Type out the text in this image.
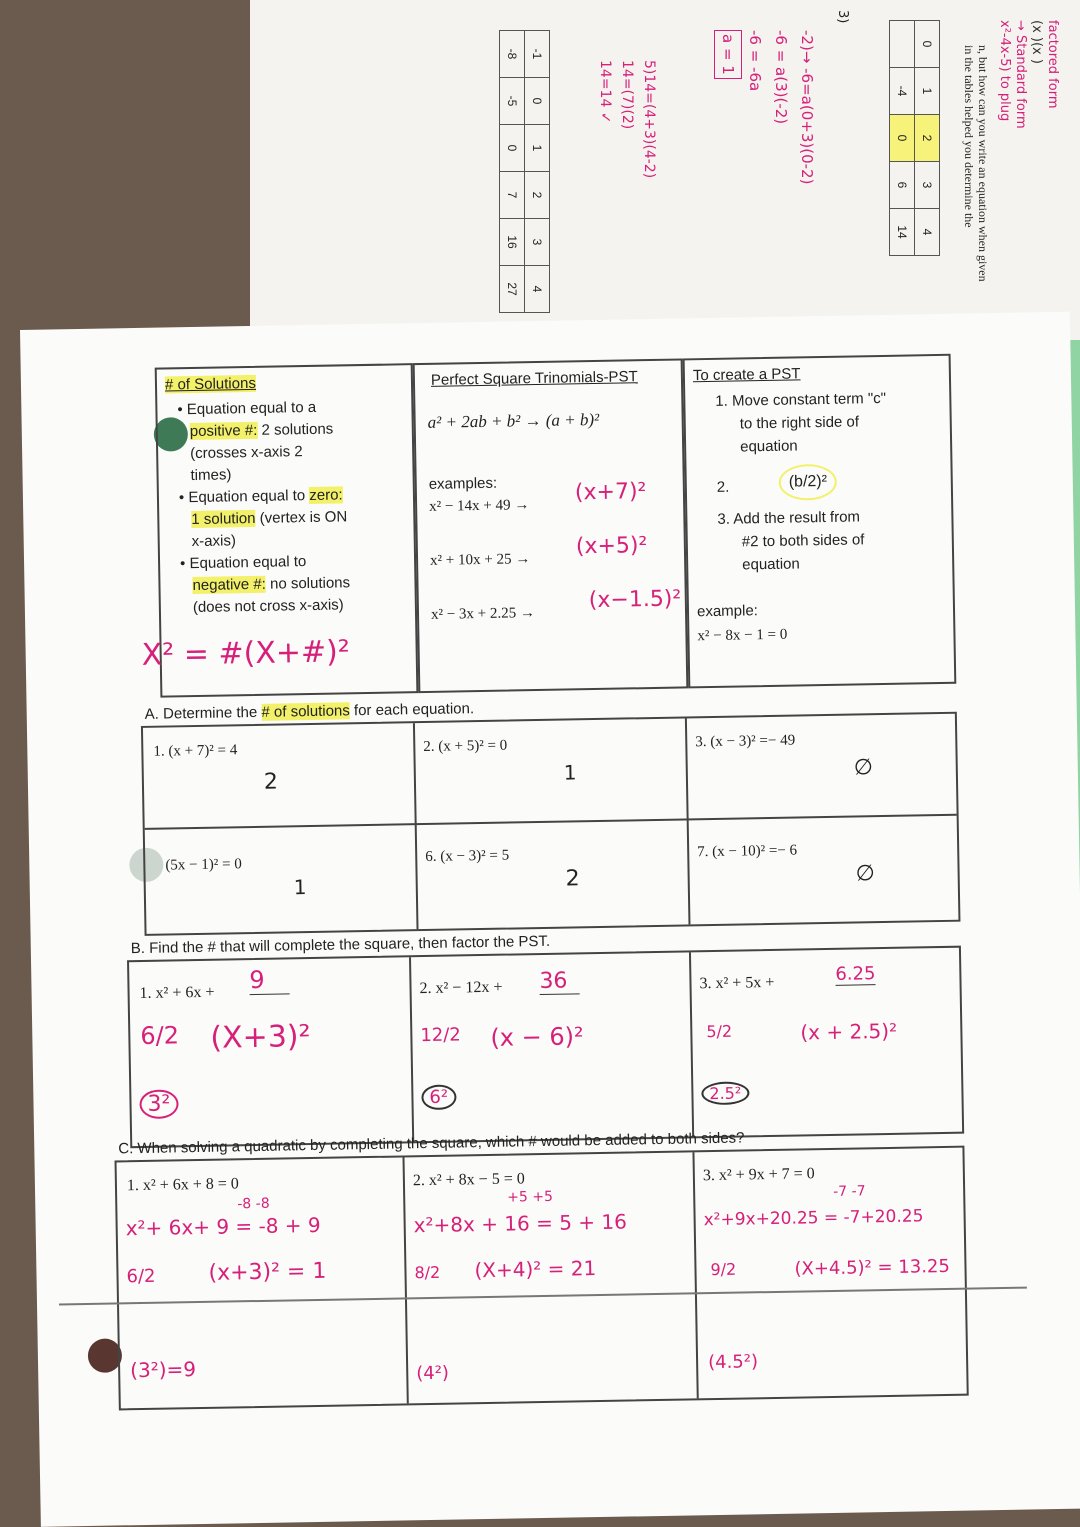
factored form
(x )(x )
→ Standard form
x²-4x-5) to plug
n, but how can you write an equation when given
in the tables helped you determine the
0	1	2	3	4
	-4	0	6	14
3)
-2)→ -6=a(0+3)(0-2)
-6 = a(3)(-2)
-6 = -6a
a = 1
5)14=(4+3)(4-2)
14=(7)(2)
14=14 ✓
-1	0	1	2	3	4
-8	-5	0	7	16	27
# of Solutions
• Equation equal to a
positive #: 2 solutions
(crosses x-axis 2
times)
• Equation equal to zero:
1 solution (vertex is ON
x-axis)
• Equation equal to
negative #: no solutions
(does not cross x-axis)
X² = #(X+#)²
Perfect Square Trinomials-PST
a² + 2ab + b² → (a + b)²
examples:
x² − 14x + 49 →
(x+7)²
x² + 10x + 25 →
(x+5)²
x² − 3x + 2.25 →
(x−1.5)²
To create a PST
1. Move constant term "c"
to the right side of
equation
2.	(b/2)²
3. Add the result from
#2 to both sides of
equation
example:
x² − 8x − 1 = 0
A. Determine the # of solutions for each equation.
1. (x + 7)² = 4
2
2. (x + 5)² = 0
1
3. (x − 3)² =− 49
∅
(5x − 1)² = 0
1
6. (x − 3)² = 5
2
7. (x − 10)² =− 6
∅
B. Find the # that will complete the square, then factor the PST.
1. x² + 6x + 9
(X+3)²
6/2
3²
2. x² − 12x + 36
(x − 6)²
12/2
6²
3. x² + 5x +	6.25
(x + 2.5)²
5/2
2.5²
C. When solving a quadratic by completing the square, which # would be added to both sides?
1. x² + 6x + 8 = 0
-8 -8
x²+ 6x+ 9 = -8 + 9
(x+3)² = 1
6/2
(3²)=9
2. x² + 8x − 5 = 0
+5 +5
x²+8x + 16 = 5 + 16
(X+4)² = 21
8/2
(4²)
3. x² + 9x + 7 = 0
-7 -7
x²+9x+20.25 = -7+20.25
(X+4.5)² = 13.25
9/2
(4.5²)
